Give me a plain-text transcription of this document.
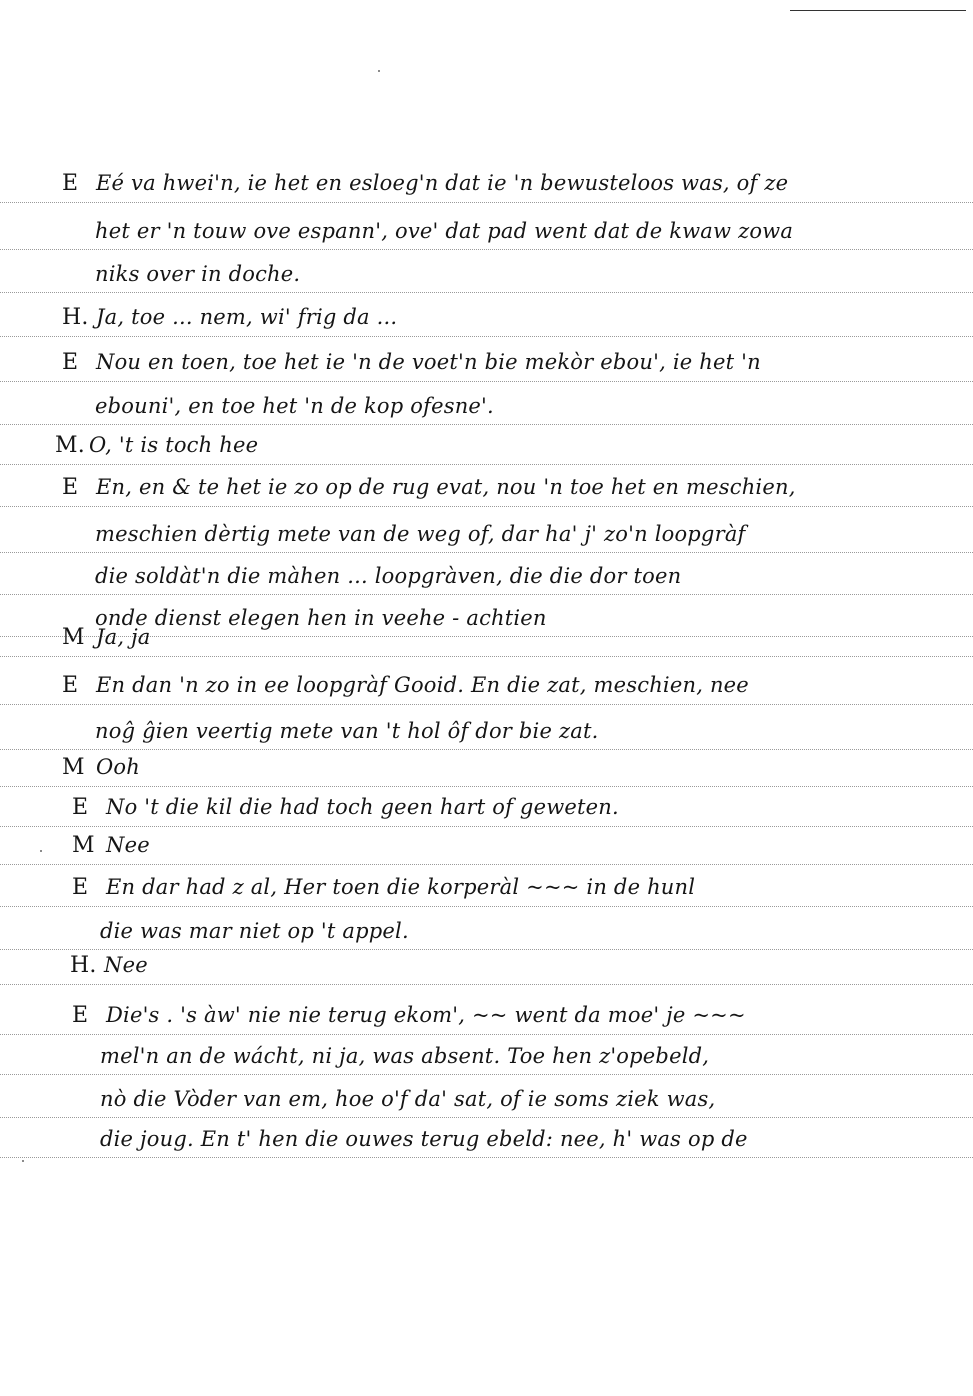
E Eé va hwei'n, ie het en esloeg'n dat ie 'n bewusteloos was, of ze
het er 'n touw ove espann', ove' dat pad went dat de kwaw zowa
niks over in doche.
H. Ja, toe ... nem, wi' frig da ...
E Nou en toen, toe het ie 'n de voet'n bie mekòr ebou', ie het 'n
ebouni', en toe het 'n de kop ofesne'.
M. O, 't is toch hee
E En, en & te het ie zo op de rug evat, nou 'n toe het en meschien,
meschien dèrtig mete van de weg of, dar ha' j' zo'n loopgràf
die soldàt'n die màhen ... loopgràven, die die dor toen
onde dienst elegen hen in veehe - achtien
M Ja, ja
E En dan 'n zo in ee loopgràf Gooid. En die zat, meschien, nee
noĝ ĝien veertig mete van 't hol ôf dor bie zat.
M Ooh
E No 't die kil die had toch geen hart of geweten.
M Nee
E En dar had z al, Her toen die korperàl ~~~ in de hunl
die was mar niet op 't appel.
H. Nee
E Die's . 's àw' nie nie terug ekom', ~~ went da moe' je ~~~
mel'n an de wácht, ni ja, was absent. Toe hen z'opebeld,
nò die Vòder van em, hoe o'f da' sat, of ie soms ziek was,
die joug. En t' hen die ouwes terug ebeld: nee, h' was op de
